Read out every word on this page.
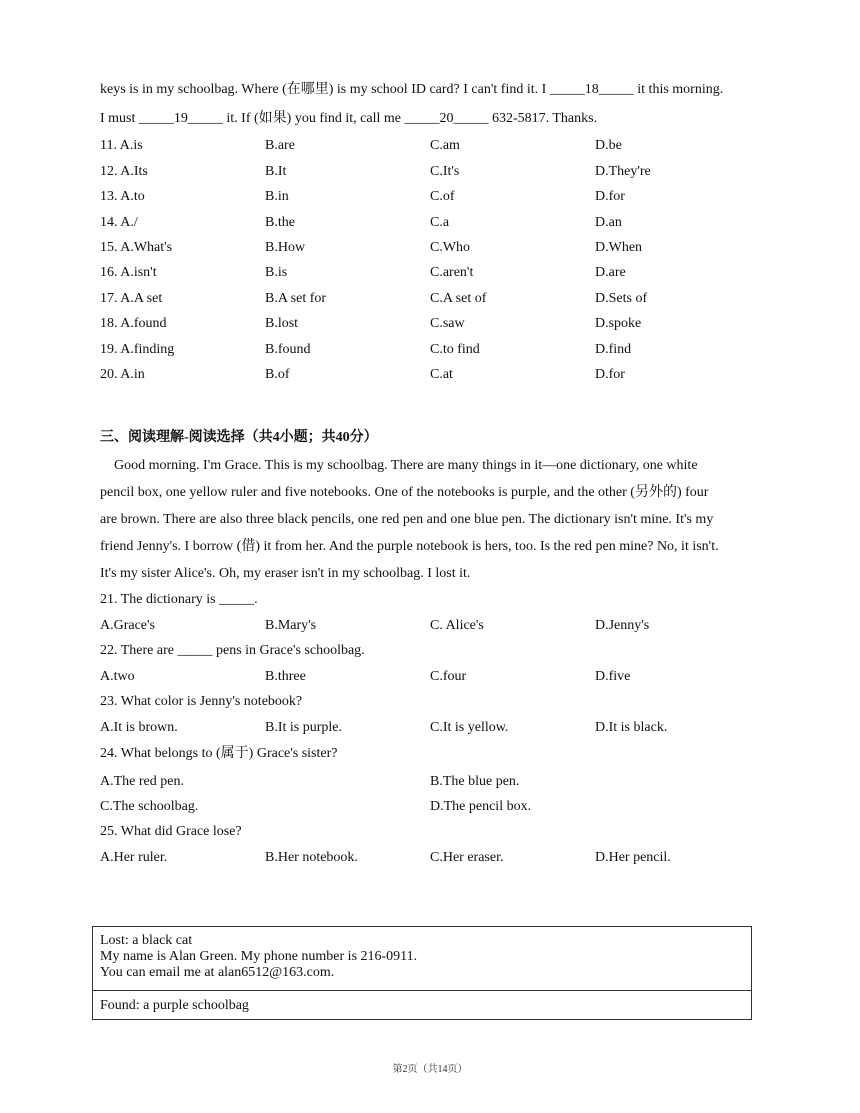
keys is in my schoolbag. Where (在哪里) is my school ID card? I can't find it. I _____18_____ it this morning.
I must _____19_____ it. If (如果) you find it, call me _____20_____ 632-5817. Thanks.
11. A.is	B.are	C.am	D.be
12. A.Its	B.It	C.It's	D.They're
13. A.to	B.in	C.of	D.for
14. A./	B.the	C.a	D.an
15. A.What's	B.How	C.Who	D.When
16. A.isn't	B.is	C.aren't	D.are
17. A.A set	B.A set for	C.A set of	D.Sets of
18. A.found	B.lost	C.saw	D.spoke
19. A.finding	B.found	C.to find	D.find
20. A.in	B.of	C.at	D.for
三、阅读理解-阅读选择（共4小题；共40分）
Good morning. I'm Grace. This is my schoolbag. There are many things in it—one dictionary, one white
pencil box, one yellow ruler and five notebooks. One of the notebooks is purple, and the other (另外的) four
are brown. There are also three black pencils, one red pen and one blue pen. The dictionary isn't mine. It's my
friend Jenny's. I borrow (借) it from her. And the purple notebook is hers, too. Is the red pen mine? No, it isn't.
It's my sister Alice's. Oh, my eraser isn't in my schoolbag. I lost it.
21. The dictionary is _____.
A.Grace's	B.Mary's	C. Alice's	D.Jenny's
22. There are _____ pens in Grace's schoolbag.
A.two	B.three	C.four	D.five
23. What color is Jenny's notebook?
A.It is brown.	B.It is purple.	C.It is yellow.	D.It is black.
24. What belongs to (属于) Grace's sister?
A.The red pen.	B.The blue pen.
C.The schoolbag.	D.The pencil box.
25. What did Grace lose?
A.Her ruler.	B.Her notebook.	C.Her eraser.	D.Her pencil.
Lost: a black cat
My name is Alan Green. My phone number is 216-0911.
You can email me at alan6512@163.com.
Found: a purple schoolbag
第2页（共14页）
